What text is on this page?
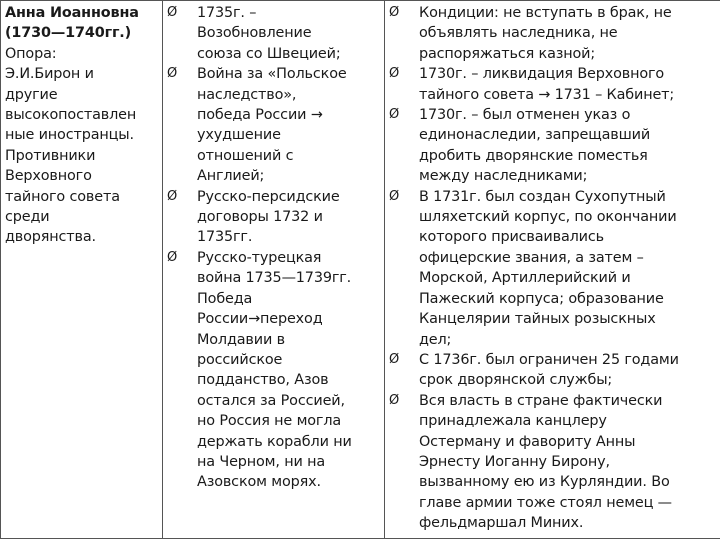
Анна Иоанновна
(1730—1740гг.)
Опора:
Э.И.Бирон и
другие
высокопоставлен
ные иностранцы.
Противники
Верховного
тайного совета
среди
дворянства.

Ø	1735г. –
Возобновление
союза со Швецией;
Ø	Война за «Польское
наследство»,
победа России →
ухудшение
отношений с
Англией;
Ø	Русско-персидские
договоры 1732 и
1735гг.
Ø	Русско-турецкая
война 1735—1739гг.
Победа
России→переход
Молдавии в
российское
подданство, Азов
остался за Россией,
но Россия не могла
держать корабли ни
на Черном, ни на
Азовском морях.

Ø	Кондиции: не вступать в брак, не
объявлять наследника, не
распоряжаться казной;
Ø	1730г. – ликвидация Верховного
тайного совета → 1731 – Кабинет;
Ø	1730г. – был отменен указ о
единонаследии, запрещавший
дробить дворянские поместья
между наследниками;
Ø	В 1731г. был создан Сухопутный
шляхетский корпус, по окончании
которого присваивались
офицерские звания, а затем –
Морской, Артиллерийский и
Пажеский корпуса; образование
Канцелярии тайных розыскных
дел;
Ø	С 1736г. был ограничен 25 годами
срок дворянской службы;
Ø	Вся власть в стране фактически
принадлежала канцлеру
Остерману и фавориту Анны
Эрнесту Иоганну Бирону,
вызванному ею из Курляндии. Во
главе армии тоже стоял немец —
фельдмаршал Миних.
